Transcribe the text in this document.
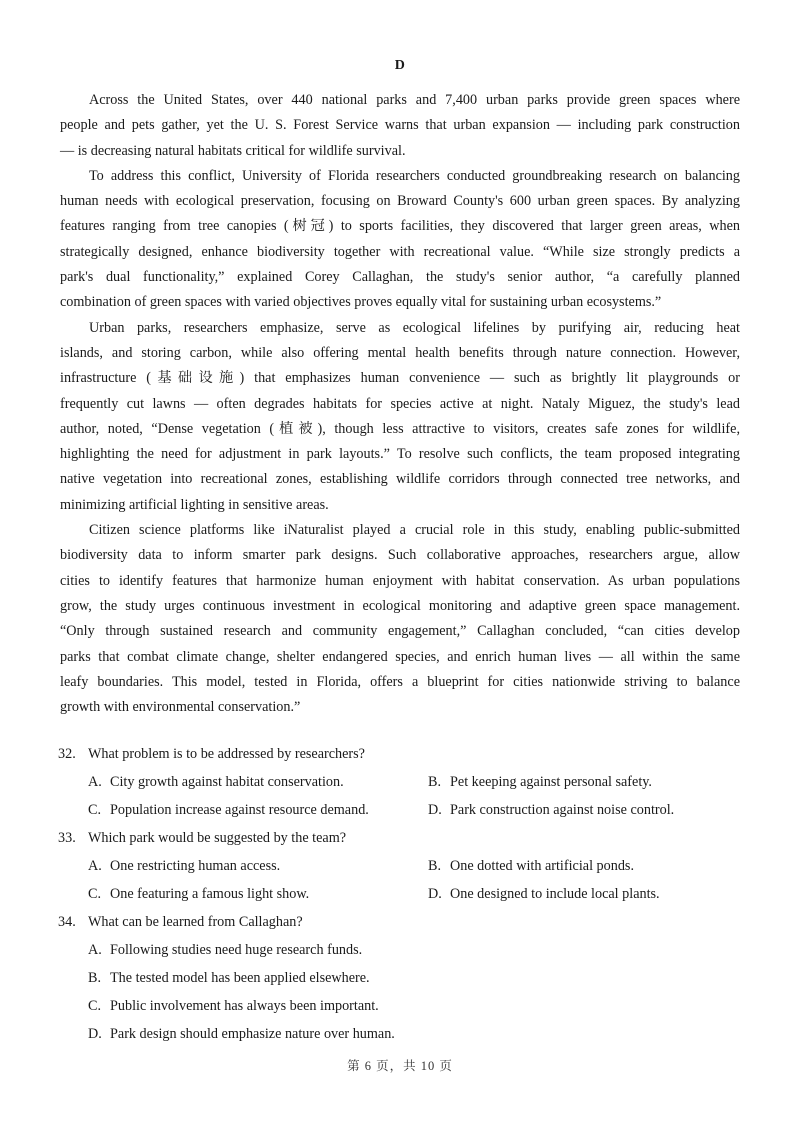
D
Across the United States, over 440 national parks and 7,400 urban parks provide green spaces where
people and pets gather, yet the U. S. Forest Service warns that urban expansion — including park construction
— is decreasing natural habitats critical for wildlife survival.
To address this conflict, University of Florida researchers conducted groundbreaking research on balancing
human needs with ecological preservation, focusing on Broward County's 600 urban green spaces. By analyzing
features ranging from tree canopies (树冠) to sports facilities, they discovered that larger green areas, when
strategically designed, enhance biodiversity together with recreational value. “While size strongly predicts a
park's dual functionality,” explained Corey Callaghan, the study's senior author, “a carefully planned
combination of green spaces with varied objectives proves equally vital for sustaining urban ecosystems.”
Urban parks, researchers emphasize, serve as ecological lifelines by purifying air, reducing heat
islands, and storing carbon, while also offering mental health benefits through nature connection. However,
infrastructure (基础设施) that emphasizes human convenience — such as brightly lit playgrounds or
frequently cut lawns — often degrades habitats for species active at night. Nataly Miguez, the study's lead
author, noted, “Dense vegetation (植被), though less attractive to visitors, creates safe zones for wildlife,
highlighting the need for adjustment in park layouts.” To resolve such conflicts, the team proposed integrating
native vegetation into recreational zones, establishing wildlife corridors through connected tree networks, and
minimizing artificial lighting in sensitive areas.
Citizen science platforms like iNaturalist played a crucial role in this study, enabling public-submitted
biodiversity data to inform smarter park designs. Such collaborative approaches, researchers argue, allow
cities to identify features that harmonize human enjoyment with habitat conservation. As urban populations
grow, the study urges continuous investment in ecological monitoring and adaptive green space management.
“Only through sustained research and community engagement,” Callaghan concluded, “can cities develop
parks that combat climate change, shelter endangered species, and enrich human lives — all within the same
leafy boundaries. This model, tested in Florida, offers a blueprint for cities nationwide striving to balance
growth with environmental conservation.”
32. What problem is to be addressed by researchers?
A. City growth against habitat conservation.	B. Pet keeping against personal safety.
C. Population increase against resource demand.	D. Park construction against noise control.
33. Which park would be suggested by the team?
A. One restricting human access.	B. One dotted with artificial ponds.
C. One featuring a famous light show.	D. One designed to include local plants.
34. What can be learned from Callaghan?
A. Following studies need huge research funds.
B. The tested model has been applied elsewhere.
C. Public involvement has always been important.
D. Park design should emphasize nature over human.
第 6 页，共 10 页
